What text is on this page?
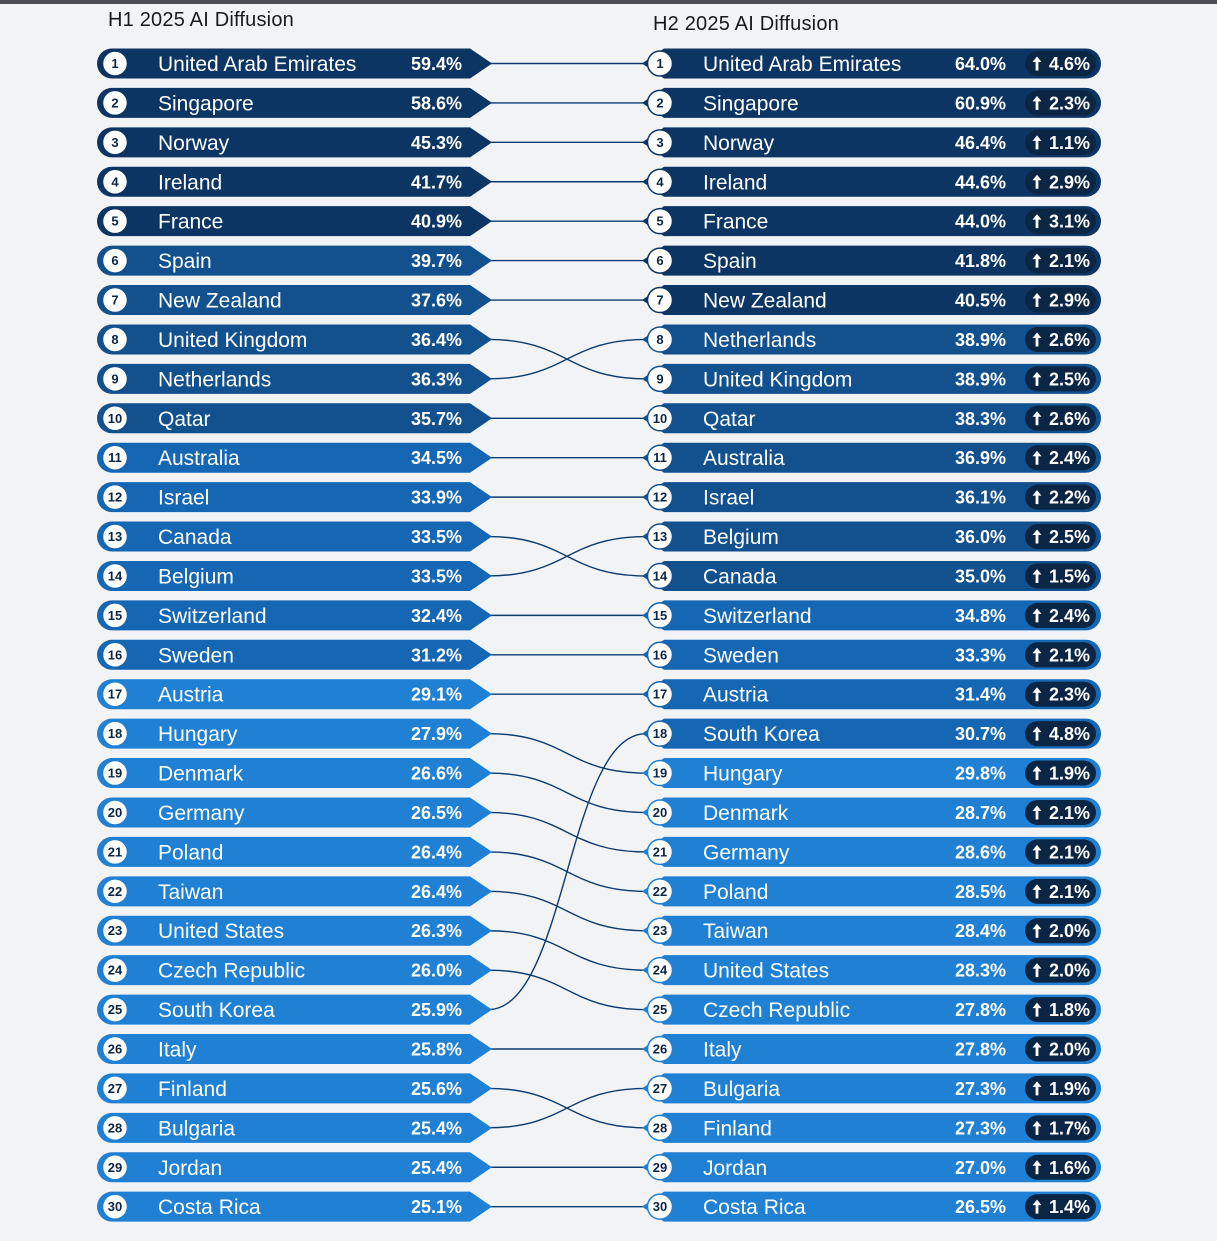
H1 2025 AI Diffusion	H2 2025 AI Diffusion
1 United Arab Emirates	59.4%
2 Singapore	58.6%
3 Norway	45.3%
4 Ireland	41.7%
5 France	40.9%
6 Spain	39.7%
7 New Zealand	37.6%
8 United Kingdom	36.4%
9 Netherlands	36.3%
10 Qatar	35.7%
11 Australia	34.5%
12 Israel	33.9%
13 Canada	33.5%
14 Belgium	33.5%
15 Switzerland	32.4%
16 Sweden	31.2%
17 Austria	29.1%
18 Hungary	27.9%
19 Denmark	26.6%
20 Germany	26.5%
21 Poland	26.4%
22 Taiwan	26.4%
23 United States	26.3%
24 Czech Republic	26.0%
25 South Korea	25.9%
26 Italy	25.8%
27 Finland	25.6%
28 Bulgaria	25.4%
29 Jordan	25.4%
30 Costa Rica	25.1%
1 United Arab Emirates	64.0% 4.6%
2 Singapore	60.9% 2.3%
3 Norway	46.4% 1.1%
4 Ireland	44.6% 2.9%
5 France	44.0% 3.1%
6 Spain	41.8% 2.1%
7 New Zealand	40.5% 2.9%
8 Netherlands	38.9% 2.6%
9 United Kingdom	38.9% 2.5%
10 Qatar	38.3% 2.6%
11 Australia	36.9% 2.4%
12 Israel	36.1% 2.2%
13 Belgium	36.0% 2.5%
14 Canada	35.0% 1.5%
15 Switzerland	34.8% 2.4%
16 Sweden	33.3% 2.1%
17 Austria	31.4% 2.3%
18 South Korea	30.7% 4.8%
19 Hungary	29.8% 1.9%
20 Denmark	28.7% 2.1%
21 Germany	28.6% 2.1%
22 Poland	28.5% 2.1%
23 Taiwan	28.4% 2.0%
24 United States	28.3% 2.0%
25 Czech Republic	27.8% 1.8%
26 Italy	27.8% 2.0%
27 Bulgaria	27.3% 1.9%
28 Finland	27.3% 1.7%
29 Jordan	27.0% 1.6%
30 Costa Rica	26.5% 1.4%
